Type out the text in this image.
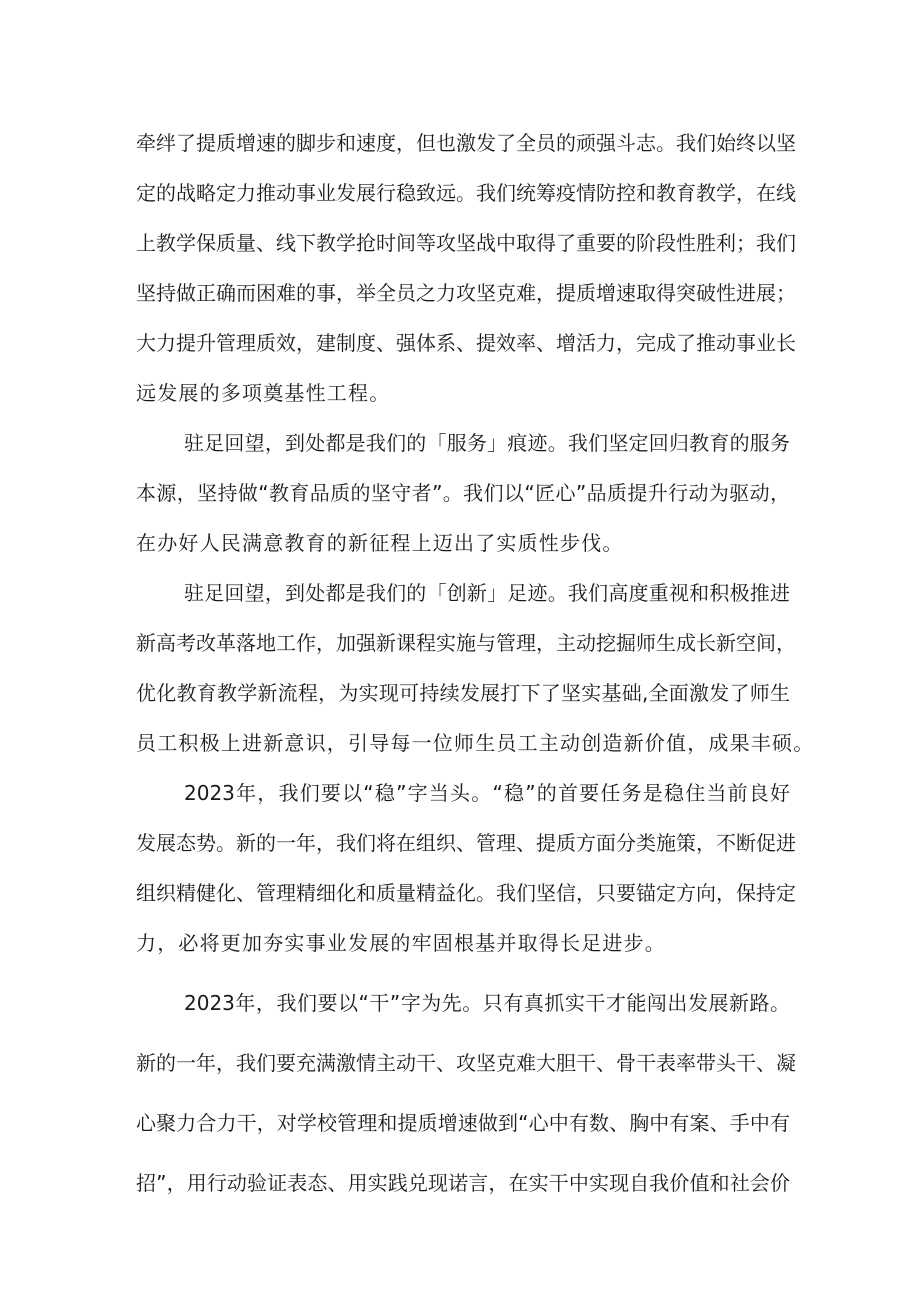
牵绊了提质增速的脚步和速度，但也激发了全员的顽强斗志。我们始终以坚
定的战略定力推动事业发展行稳致远。我们统筹疫情防控和教育教学，在线
上教学保质量、线下教学抢时间等攻坚战中取得了重要的阶段性胜利；我们
坚持做正确而困难的事，举全员之力攻坚克难，提质增速取得突破性进展；
大力提升管理质效，建制度、强体系、提效率、增活力，完成了推动事业长
远发展的多项奠基性工程。
驻足回望，到处都是我们的「服务」痕迹。我们坚定回归教育的服务
本源，坚持做“教育品质的坚守者”。我们以“匠心”品质提升行动为驱动，
在办好人民满意教育的新征程上迈出了实质性步伐。
驻足回望，到处都是我们的「创新」足迹。我们高度重视和积极推进
新高考改革落地工作，加强新课程实施与管理，主动挖掘师生成长新空间，
优化教育教学新流程，为实现可持续发展打下了坚实基础,全面激发了师生
员工积极上进新意识，引导每一位师生员工主动创造新价值，成果丰硕。
2023年，我们要以“稳”字当头。“稳”的首要任务是稳住当前良好
发展态势。新的一年，我们将在组织、管理、提质方面分类施策，不断促进
组织精健化、管理精细化和质量精益化。我们坚信，只要锚定方向，保持定
力，必将更加夯实事业发展的牢固根基并取得长足进步。
2023年，我们要以“干”字为先。只有真抓实干才能闯出发展新路。
新的一年，我们要充满激情主动干、攻坚克难大胆干、骨干表率带头干、凝
心聚力合力干，对学校管理和提质增速做到“心中有数、胸中有案、手中有
招”，用行动验证表态、用实践兑现诺言，在实干中实现自我价值和社会价
